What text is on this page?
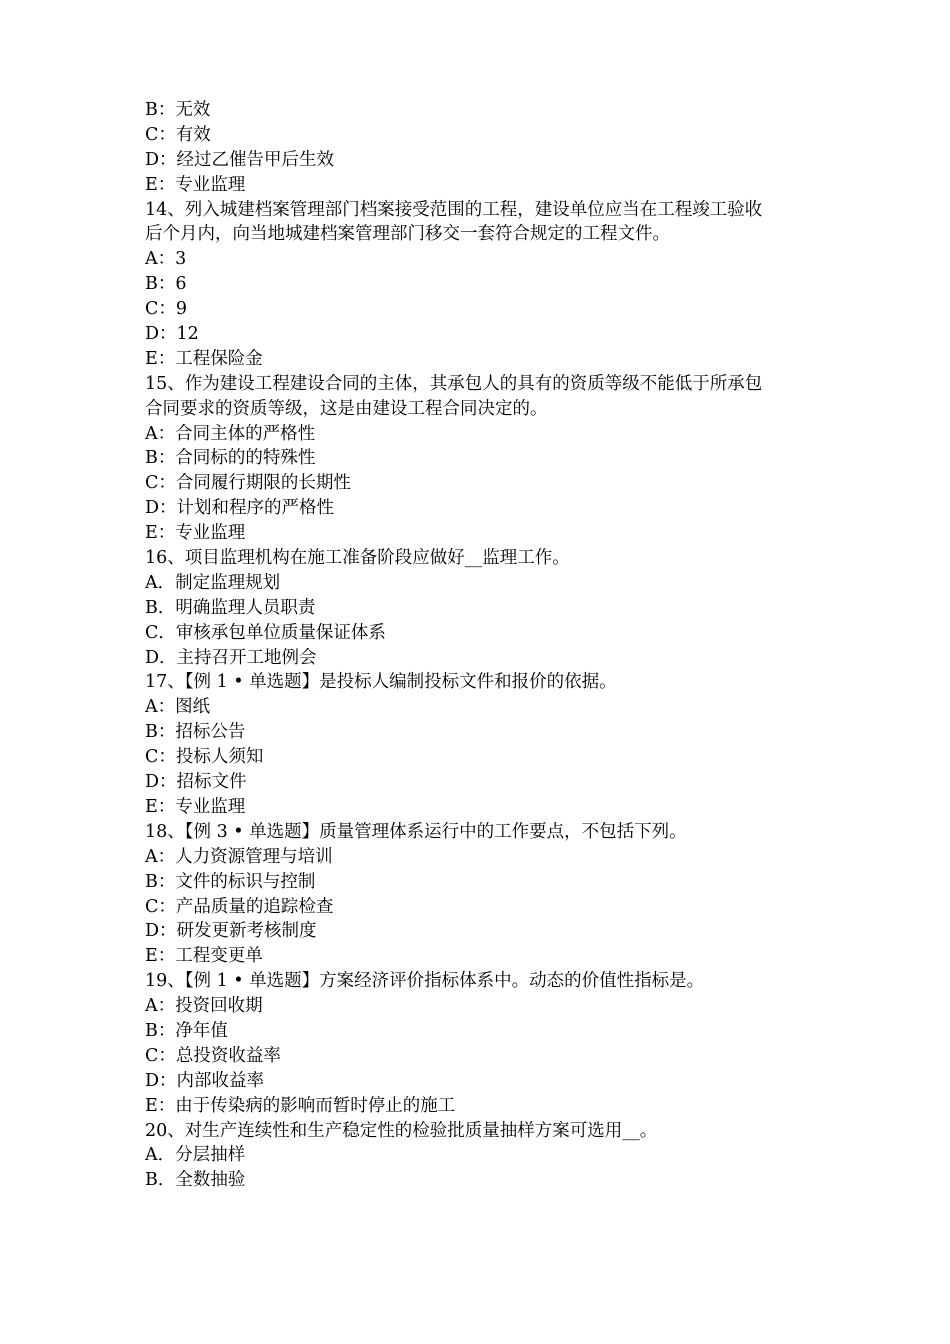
B：无效
C：有效
D：经过乙催告甲后生效
E：专业监理
14、列入城建档案管理部门档案接受范围的工程，建设单位应当在工程竣工验收
后个月内，向当地城建档案管理部门移交一套符合规定的工程文件。
A：3
B：6
C：9
D：12
E：工程保险金
15、作为建设工程建设合同的主体，其承包人的具有的资质等级不能低于所承包
合同要求的资质等级，这是由建设工程合同决定的。
A：合同主体的严格性
B：合同标的的特殊性
C：合同履行期限的长期性
D：计划和程序的严格性
E：专业监理
16、项目监理机构在施工准备阶段应做好__监理工作。
A．制定监理规划
B．明确监理人员职责
C．审核承包单位质量保证体系
D．主持召开工地例会
17、【例 1 • 单选题】是投标人编制投标文件和报价的依据。
A：图纸
B：招标公告
C：投标人须知
D：招标文件
E：专业监理
18、【例 3 • 单选题】质量管理体系运行中的工作要点，不包括下列。
A：人力资源管理与培训
B：文件的标识与控制
C：产品质量的追踪检查
D：研发更新考核制度
E：工程变更单
19、【例 1 • 单选题】方案经济评价指标体系中。动态的价值性指标是。
A：投资回收期
B：净年值
C：总投资收益率
D：内部收益率
E：由于传染病的影响而暂时停止的施工
20、对生产连续性和生产稳定性的检验批质量抽样方案可选用__。
A．分层抽样
B．全数抽验
